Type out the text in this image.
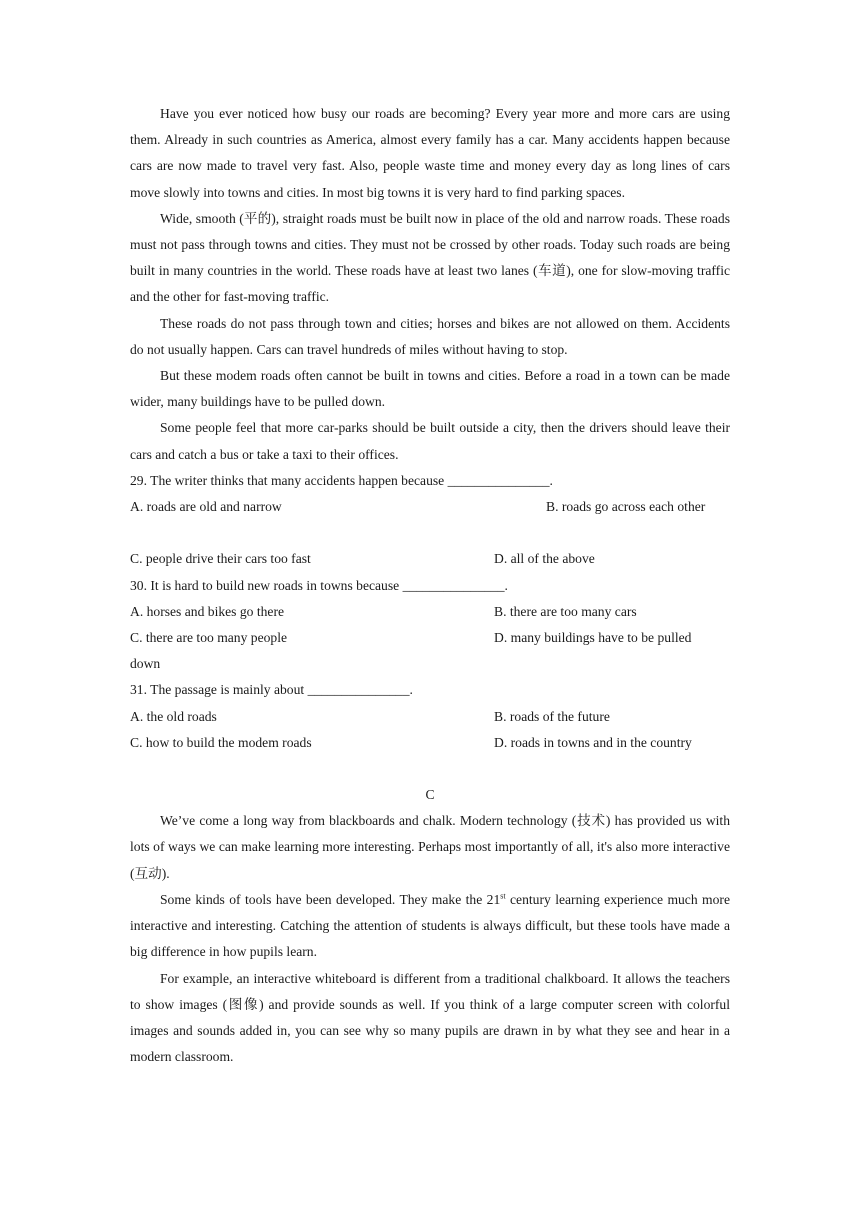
Have you ever noticed how busy our roads are becoming? Every year more and more cars are using them. Already in such countries as America, almost every family has a car. Many accidents happen because cars are now made to travel very fast. Also, people waste time and money every day as long lines of cars move slowly into towns and cities. In most big towns it is very hard to find parking spaces.

Wide, smooth (平的), straight roads must be built now in place of the old and narrow roads. These roads must not pass through towns and cities. They must not be crossed by other roads. Today such roads are being built in many countries in the world. These roads have at least two lanes (车道), one for slow-moving traffic and the other for fast-moving traffic.

These roads do not pass through town and cities; horses and bikes are not allowed on them. Accidents do not usually happen. Cars can travel hundreds of miles without having to stop.

But these modem roads often cannot be built in towns and cities. Before a road in a town can be made wider, many buildings have to be pulled down.

Some people feel that more car-parks should be built outside a city, then the drivers should leave their cars and catch a bus or take a taxi to their offices.

29. The writer thinks that many accidents happen because _______________.
A. roads are old and narrow	B. roads go across each other
C. people drive their cars too fast	D. all of the above
30. It is hard to build new roads in towns because _______________.
A. horses and bikes go there	B. there are too many cars
C. there are too many people	D. many buildings have to be pulled
down
31. The passage is mainly about _______________.
A. the old roads	B. roads of the future
C. how to build the modem roads	D. roads in towns and in the country
C

We’ve come a long way from blackboards and chalk. Modern technology (技术) has provided us with lots of ways we can make learning more interesting. Perhaps most importantly of all, it's also more interactive (互动).

Some kinds of tools have been developed. They make the 21st century learning experience much more interactive and interesting. Catching the attention of students is always difficult, but these tools have made a big difference in how pupils learn.

For example, an interactive whiteboard is different from a traditional chalkboard. It allows the teachers to show images (图像) and provide sounds as well. If you think of a large computer screen with colorful images and sounds added in, you can see why so many pupils are drawn in by what they see and hear in a modern classroom.
